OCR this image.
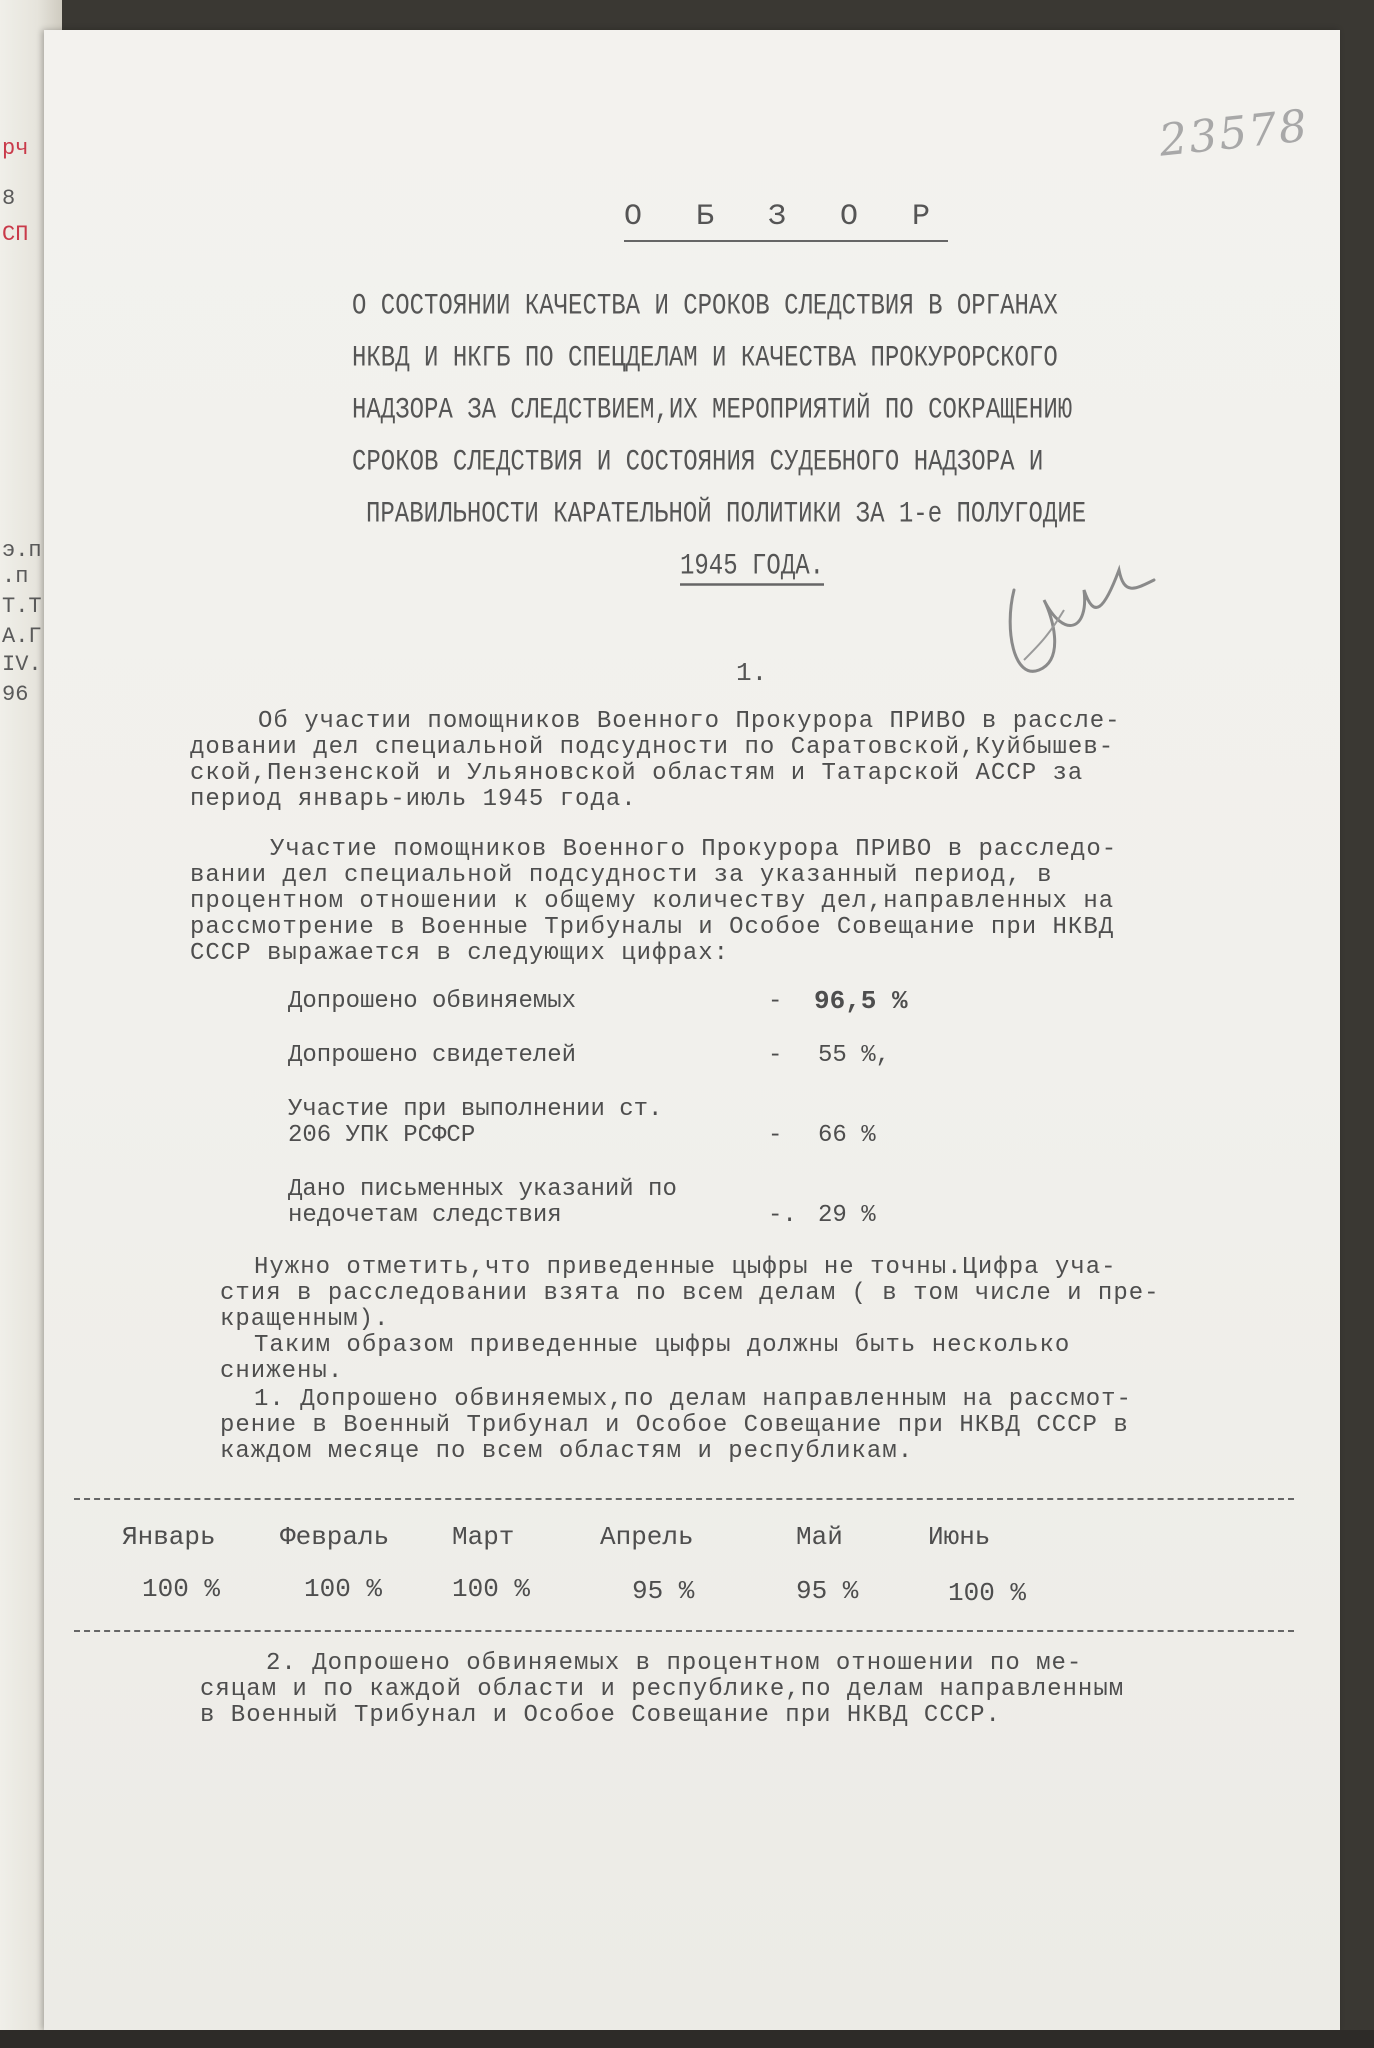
рч
8
СП
э.п
.п
Т.Т
А.Г
IV.
96
23578
О Б З О Р
О СОСТОЯНИИ КАЧЕСТВА И СРОКОВ СЛЕДСТВИЯ В ОРГАНАХ
НКВД И НКГБ ПО СПЕЦДЕЛАМ И КАЧЕСТВА ПРОКУРОРСКОГО
НАДЗОРА ЗА СЛЕДСТВИЕМ,ИХ МЕРОПРИЯТИЙ ПО СОКРАЩЕНИЮ
СРОКОВ СЛЕДСТВИЯ И СОСТОЯНИЯ СУДЕБНОГО НАДЗОРА И
ПРАВИЛЬНОСТИ КАРАТЕЛЬНОЙ ПОЛИТИКИ ЗА 1-е ПОЛУГОДИЕ
1945 ГОДА.
1.
Об участии помощников Военного Прокурора ПРИВО в рассле-
довании дел специальной подсудности по Саратовской,Куйбышев-
ской,Пензенской и Ульяновской областям и Татарской АССР за
период январь-июль 1945 года.
Участие помощников Военного Прокурора ПРИВО в расследо-
вании дел специальной подсудности за указанный период, в
процентном отношении к общему количеству дел,направленных на
рассмотрение в Военные Трибуналы и Особое Совещание при НКВД
СССР выражается в следующих цифрах:
Допрошено обвиняемых	- 96,5 %
Допрошено свидетелей	- 55 %,
Участие при выполнении ст.
206 УПК РСФСР	- 66 %
Дано письменных указаний по
недочетам следствия	-. 29 %
Нужно отметить,что приведенные цыфры не точны.Цифра уча-
стия в расследовании взята по всем делам ( в том числе и пре-
кращенным).
Таким образом приведенные цыфры должны быть несколько
снижены.
1. Допрошено обвиняемых,по делам направленным на рассмот-
рение в Военный Трибунал и Особое Совещание при НКВД СССР в
каждом месяце по всем областям и республикам.
Январь Февраль Март	Апрель	Май	Июнь
100 %	100 %	100 %	95 %	95 %	100 %
2. Допрошено обвиняемых в процентном отношении по ме-
сяцам и по каждой области и республике,по делам направленным
в Военный Трибунал и Особое Совещание при НКВД СССР.
